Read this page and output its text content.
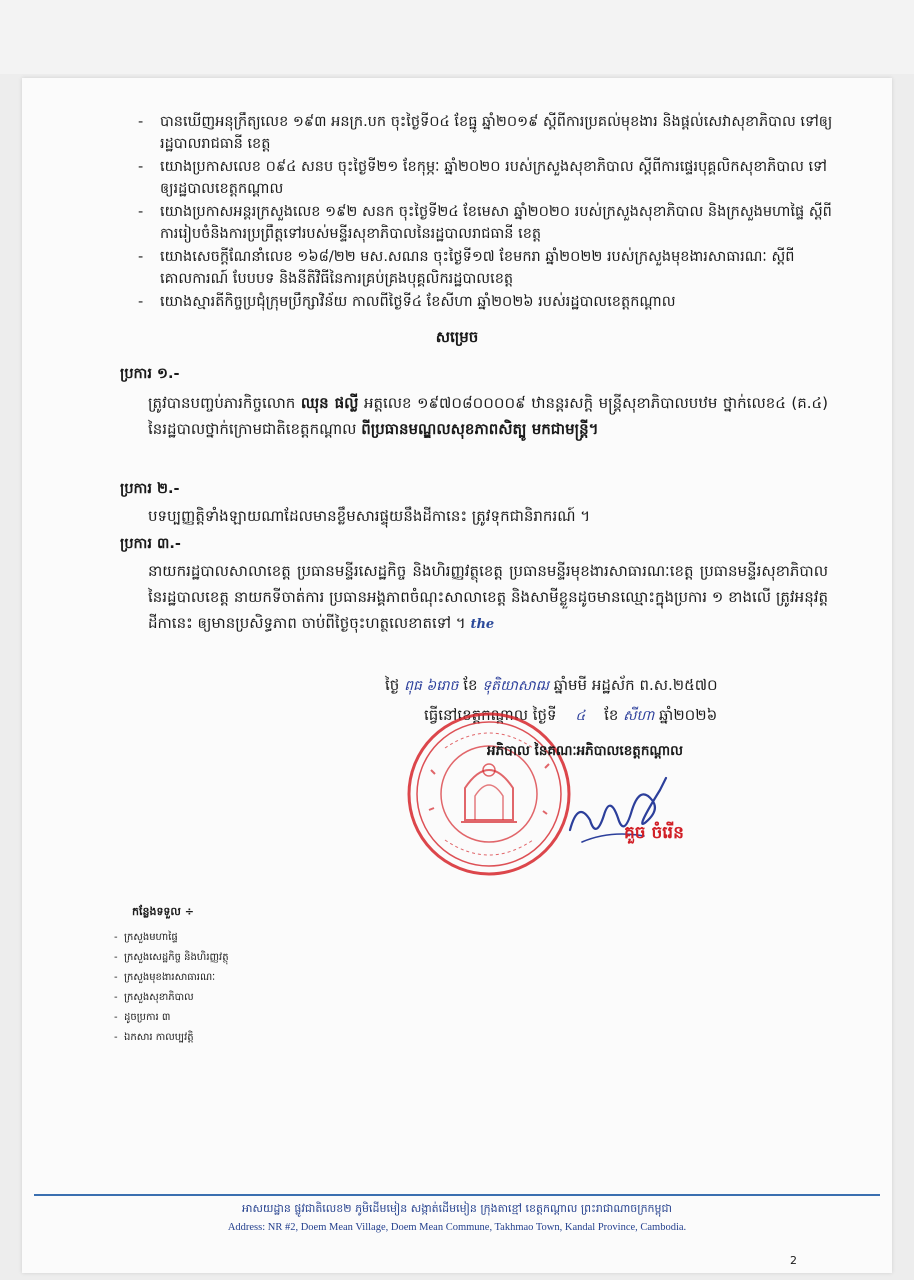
- បានឃើញអនុក្រឹត្យលេខ ១៩៣ អនក្រ.បក ចុះថ្ងៃទី០៤ ខែធ្នូ ឆ្នាំ២០១៩ ស្ដីពីការប្រគល់មុខងារ និងផ្ដល់សេវាសុខាភិបាល ទៅឲ្យរដ្ឋបាលរាជធានី ខេត្ត
- យោងប្រកាសលេខ ០៩៤ សនប ចុះថ្ងៃទី២១ ខែកុម្ភៈ ឆ្នាំ២០២០ របស់ក្រសួងសុខាភិបាល ស្ដីពីការផ្ទេរបុគ្គលិកសុខាភិបាល ទៅឲ្យរដ្ឋបាលខេត្តកណ្ដាល
- យោងប្រកាសអន្តរក្រសួងលេខ ១៩២ សនក ចុះថ្ងៃទី២៤ ខែមេសា ឆ្នាំ២០២០ របស់ក្រសួងសុខាភិបាល និងក្រសួងមហាផ្ទៃ ស្ដីពីការរៀបចំនិងការប្រព្រឹត្តទៅរបស់មន្ទីរសុខាភិបាលនៃរដ្ឋបាលរាជធានី ខេត្ត
- យោងសេចក្ដីណែនាំលេខ ១៦៨/២២ មស.សណន ចុះថ្ងៃទី១៧ ខែមករា ឆ្នាំ២០២២ របស់ក្រសួងមុខងារសាធារណៈ ស្ដីពីគោលការណ៍ បែបបទ និងនីតិវិធីនៃការគ្រប់គ្រងបុគ្គលិករដ្ឋបាលខេត្ត
- យោងស្មារតីកិច្ចប្រជុំក្រុមប្រឹក្សាវិន័យ កាលពីថ្ងៃទី៤ ខែសីហា ឆ្នាំ២០២៦ របស់រដ្ឋបាលខេត្តកណ្ដាល
សម្រេច
ប្រការ ១.-
ត្រូវបានបញ្ចប់ភារកិច្ចលោក ឈុន ផល្លី អត្តលេខ ១៩៧០៨០០០០៩ ឋានន្តរសក្ដិ មន្ត្រីសុខាភិបាលបឋម ថ្នាក់លេខ៤ (គ.៤) នៃរដ្ឋបាលថ្នាក់ក្រោមជាតិខេត្តកណ្ដាល ពីប្រធានមណ្ឌលសុខភាពសិត្បូ មកជាមន្ត្រី។
ប្រការ ២.-
បទប្បញ្ញត្តិទាំងឡាយណាដែលមានខ្លឹមសារផ្ទុយនឹងដីកានេះ ត្រូវទុកជានិរាករណ៍ ។
ប្រការ ៣.-
នាយករដ្ឋបាលសាលាខេត្ត ប្រធានមន្ទីរសេដ្ឋកិច្ច និងហិរញ្ញវត្ថុខេត្ត ប្រធានមន្ទីរមុខងារសាធារណៈខេត្ត ប្រធានមន្ទីរសុខាភិបាល នៃរដ្ឋបាលខេត្ត នាយកទីចាត់ការ ប្រធានអង្គភាពចំណុះសាលាខេត្ត និងសាមីខ្លួនដូចមានឈ្មោះក្នុងប្រការ ១ ខាងលើ ត្រូវអនុវត្តដីកានេះ ឲ្យមានប្រសិទ្ធភាព ចាប់ពីថ្ងៃចុះហត្ថលេខាតទៅ ។ the
ថ្ងៃ ពុធ ៦រោច ខែ ទុតិយាសាឍ ឆ្នាំមមី អដ្ឋស័ក ព.ស.២៥៧០
ធ្វើនៅខេត្តកណ្ដាល ថ្ងៃទី ៤ ខែ សីហា ឆ្នាំ២០២៦
អភិបាល នៃគណៈអភិបាលខេត្តកណ្ដាល
គួច ចំរើន
កន្លែងទទួល ÷
- ក្រសួងមហាផ្ទៃ
- ក្រសួងសេដ្ឋកិច្ច និងហិរញ្ញវត្ថុ
- ក្រសួងមុខងារសាធារណៈ
- ក្រសួងសុខាភិបាល
- ដូចប្រការ ៣
- ឯកសារ កាលប្បវត្តិ
អាសយដ្ឋាន ផ្លូវជាតិលេខ២ ភូមិដើមមៀន សង្កាត់ដើមមៀន ក្រុងតាខ្មៅ ខេត្តកណ្ដាល ព្រះរាជាណាចក្រកម្ពុជា
Address: NR #2, Doem Mean Village, Doem Mean Commune, Takhmao Town, Kandal Province, Cambodia.
2
